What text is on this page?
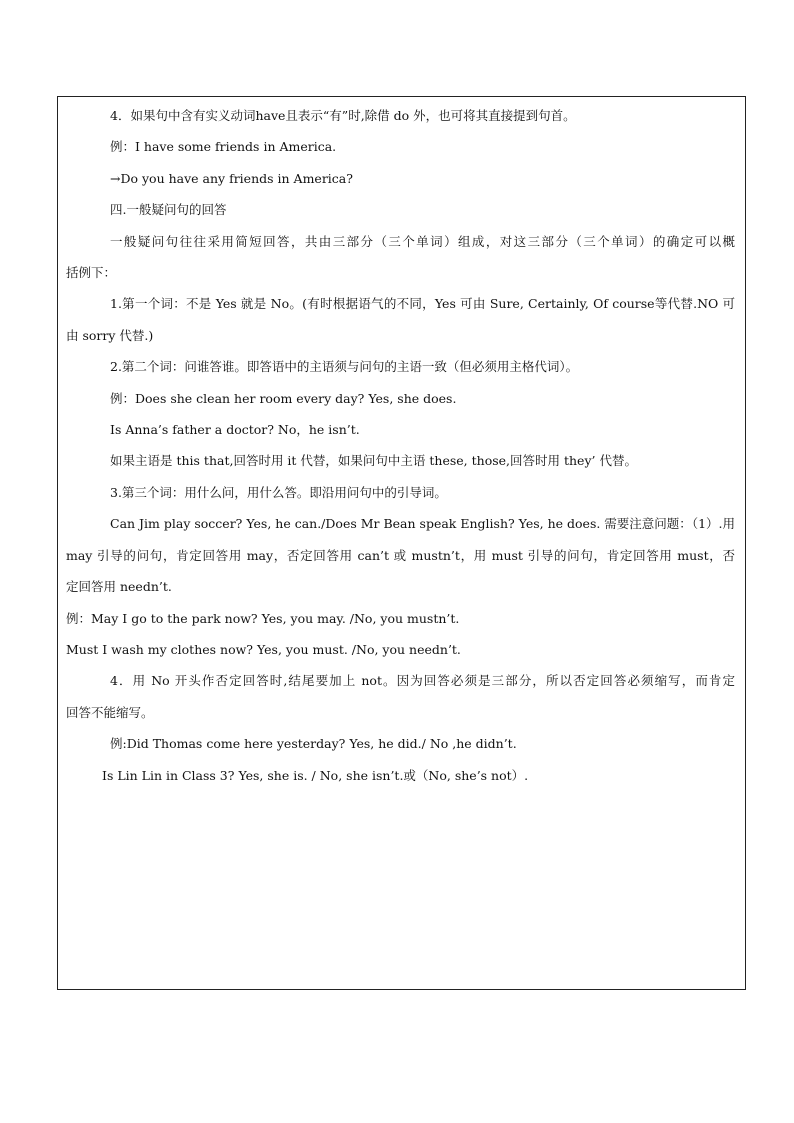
4．如果句中含有实义动词have且表示“有”时,除借 do 外，也可将其直接提到句首。
例：I have some friends in America.
→Do you have any friends in America?
四.一般疑问句的回答
一般疑问句往往采用简短回答，共由三部分（三个单词）组成，对这三部分（三个单词）的确定可以概
括例下：
1.第一个词：不是 Yes 就是 No。(有时根据语气的不同，Yes 可由 Sure, Certainly, Of course等代替.NO 可
由 sorry 代替.)
2.第二个词：问谁答谁。即答语中的主语须与问句的主语一致（但必须用主格代词）。
例：Does she clean her room every day? Yes, she does.
Is Anna’s father a doctor? No，he isn’t.
如果主语是 this that,回答时用 it 代替，如果问句中主语 these, those,回答时用 they’ 代替。
3.第三个词：用什么问，用什么答。即沿用问句中的引导词。
Can Jim play soccer? Yes, he can./Does Mr Bean speak English? Yes, he does. 需要注意问题：（1）.用
may 引导的问句，肯定回答用 may，否定回答用 can’t 或 mustn’t，用 must 引导的问句，肯定回答用 must，否
定回答用 needn’t.
例：May I go to the park now? Yes, you may. /No, you mustn’t.
Must I wash my clothes now? Yes, you must. /No, you needn’t.
4．用 No 开头作否定回答时,结尾要加上 not。因为回答必须是三部分，所以否定回答必须缩写，而肯定
回答不能缩写。
例:Did Thomas come here yesterday? Yes, he did./ No ,he didn’t.
Is Lin Lin in Class 3? Yes, she is. / No, she isn’t.或（No, she’s not）.
